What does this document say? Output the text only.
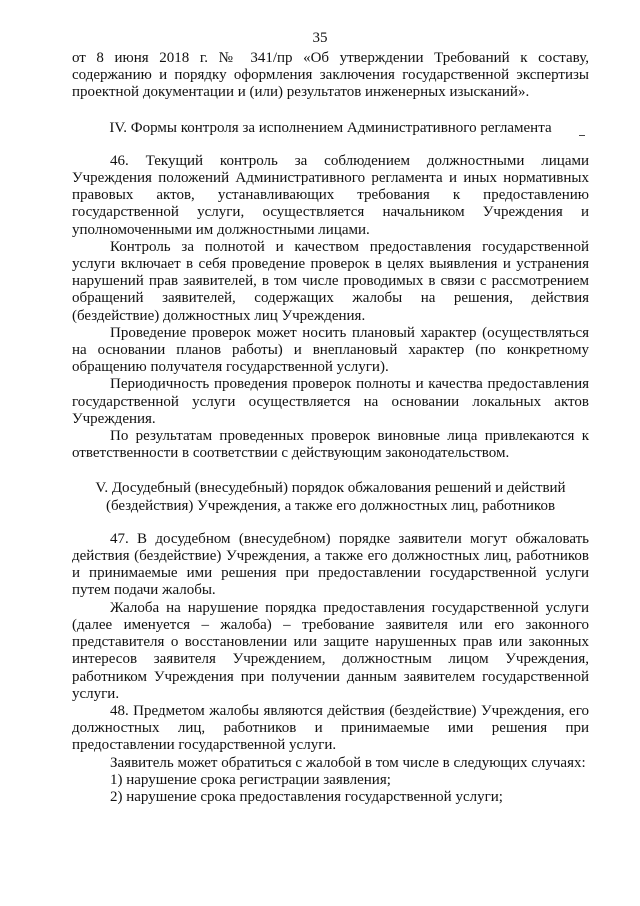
35

от 8 июня 2018 г. № 341/пр «Об утверждении Требований к составу, содержанию и порядку оформления заключения государственной экспертизы проектной документации и (или) результатов инженерных изысканий».

IV. Формы контроля за исполнением Административного регламента

46. Текущий контроль за соблюдением должностными лицами Учреждения положений Административного регламента и иных нормативных правовых актов, устанавливающих требования к предоставлению государственной услуги, осуществляется начальником Учреждения и уполномоченными им должностными лицами.

Контроль за полнотой и качеством предоставления государственной услуги включает в себя проведение проверок в целях выявления и устранения нарушений прав заявителей, в том числе проводимых в связи с рассмотрением обращений заявителей, содержащих жалобы на решения, действия (бездействие) должностных лиц Учреждения.

Проведение проверок может носить плановый характер (осуществляться на основании планов работы) и внеплановый характер (по конкретному обращению получателя государственной услуги).

Периодичность проведения проверок полноты и качества предоставления государственной услуги осуществляется на основании локальных актов Учреждения.

По результатам проведенных проверок виновные лица привлекаются к ответственности в соответствии с действующим законодательством.

V. Досудебный (внесудебный) порядок обжалования решений и действий

(бездействия) Учреждения, а также его должностных лиц, работников

47. В досудебном (внесудебном) порядке заявители могут обжаловать действия (бездействие) Учреждения, а также его должностных лиц, работников и принимаемые ими решения при предоставлении государственной услуги путем подачи жалобы.

Жалоба на нарушение порядка предоставления государственной услуги (далее именуется – жалоба) – требование заявителя или его законного представителя о восстановлении или защите нарушенных прав или законных интересов заявителя Учреждением, должностным лицом Учреждения, работником Учреждения при получении данным заявителем государственной услуги.

48. Предметом жалобы являются действия (бездействие) Учреждения, его должностных лиц, работников и принимаемые ими решения при предоставлении государственной услуги.

Заявитель может обратиться с жалобой в том числе в следующих случаях:

1) нарушение срока регистрации заявления;

2) нарушение срока предоставления государственной услуги;
